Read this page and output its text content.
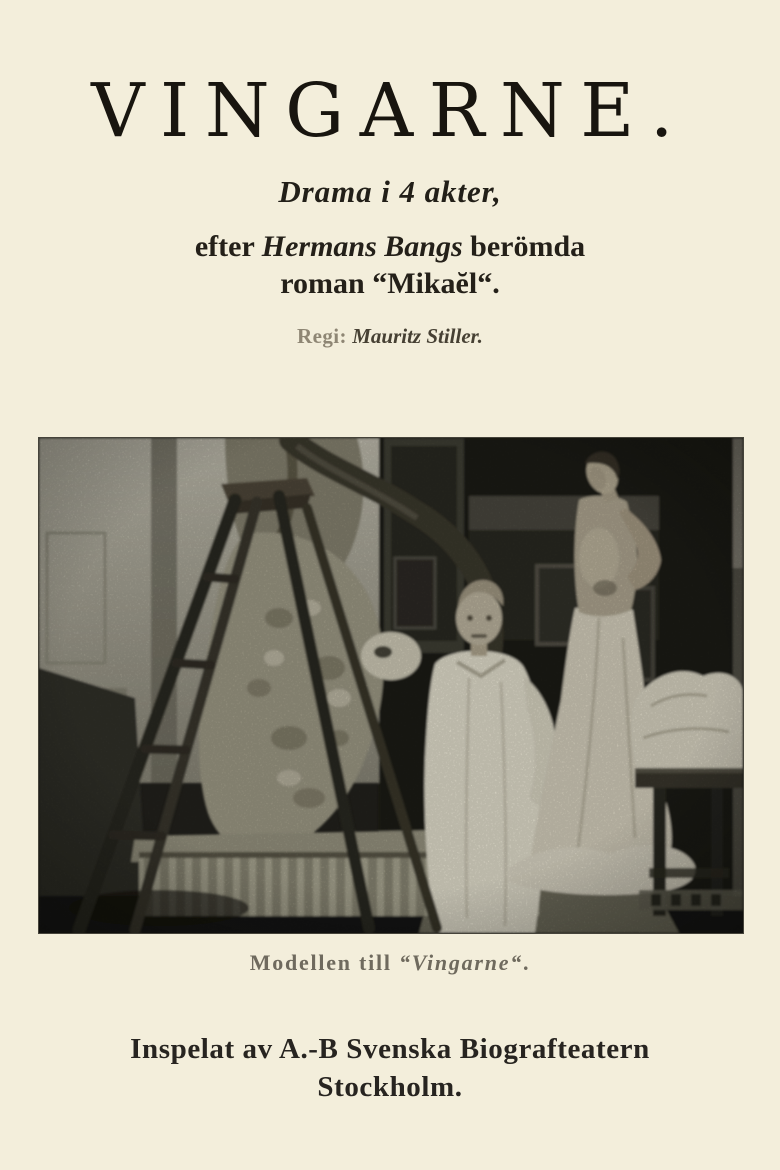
VINGARNE.
Drama i 4 akter,
efter Hermans Bangs berömda
roman “Mikaĕl“.
Regi: Mauritz Stiller.
Modellen till “Vingarne“.
Inspelat av A.-B Svenska Biografteatern
Stockholm.
